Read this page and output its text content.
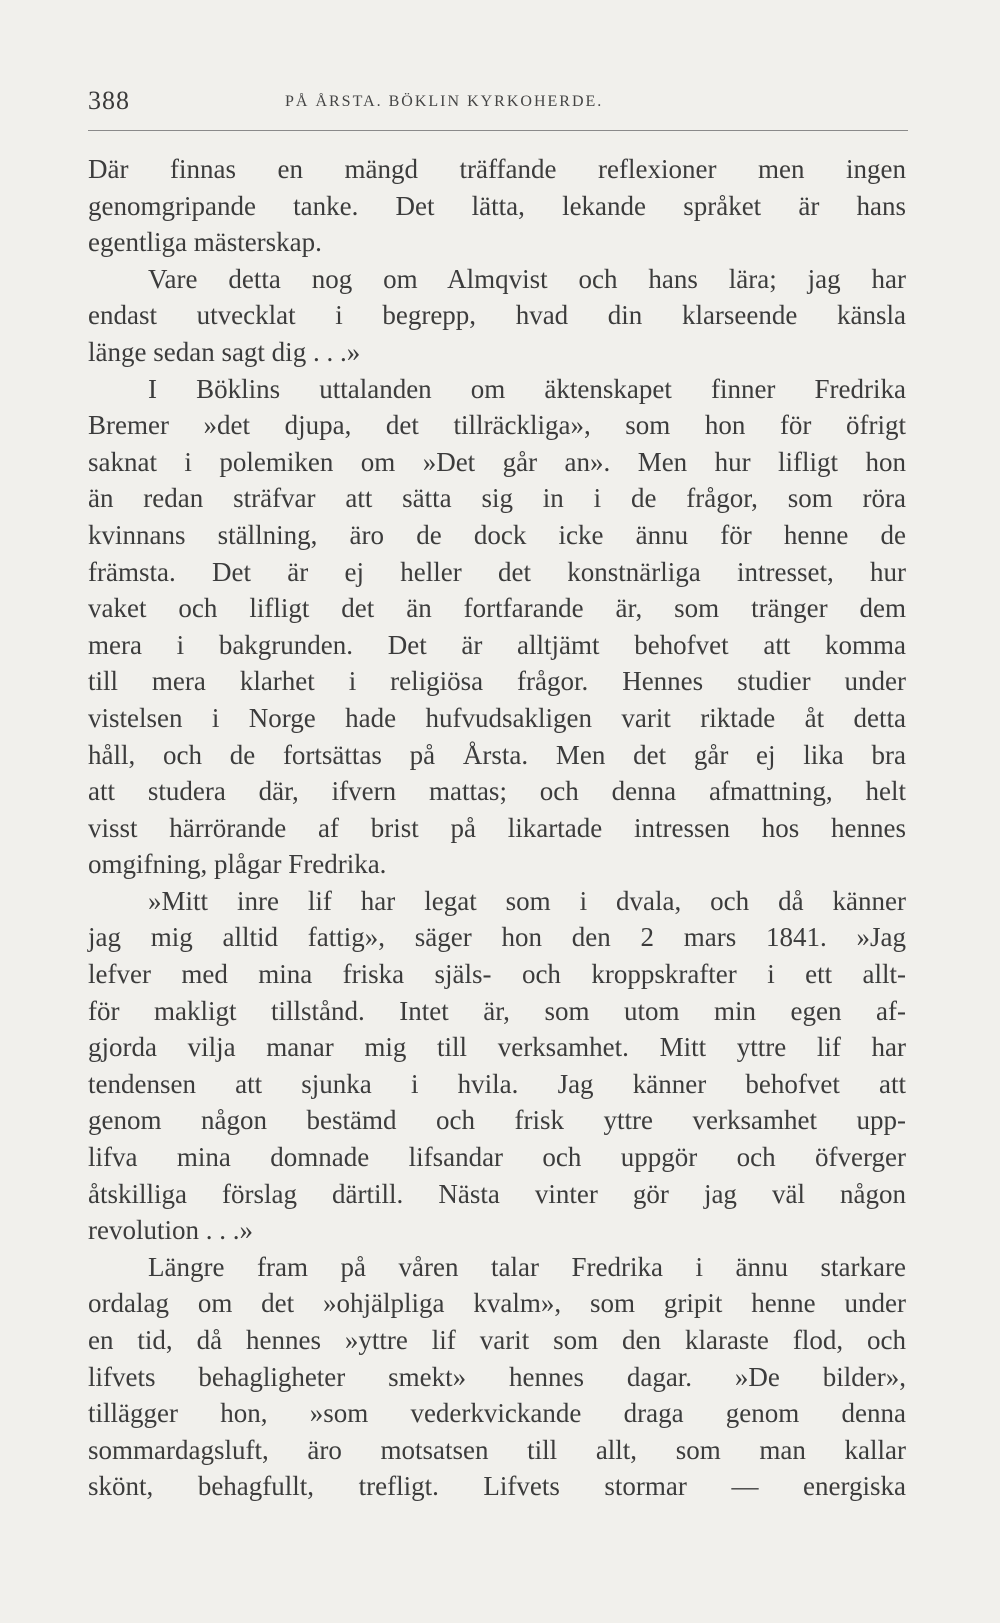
388	PÅ ÅRSTA. BÖKLIN KYRKOHERDE.
Där finnas en mängd träffande reflexioner men ingen
genomgripande tanke. Det lätta, lekande språket är hans
egentliga mästerskap.
Vare detta nog om Almqvist och hans lära; jag har
endast utvecklat i begrepp, hvad din klarseende känsla
länge sedan sagt dig . . .»
I Böklins uttalanden om äktenskapet finner Fredrika
Bremer »det djupa, det tillräckliga», som hon för öfrigt
saknat i polemiken om »Det går an». Men hur lifligt hon
än redan sträfvar att sätta sig in i de frågor, som röra
kvinnans ställning, äro de dock icke ännu för henne de
främsta. Det är ej heller det konstnärliga intresset, hur
vaket och lifligt det än fortfarande är, som tränger dem
mera i bakgrunden. Det är alltjämt behofvet att komma
till mera klarhet i religiösa frågor. Hennes studier under
vistelsen i Norge hade hufvudsakligen varit riktade åt detta
håll, och de fortsättas på Årsta. Men det går ej lika bra
att studera där, ifvern mattas; och denna afmattning, helt
visst härrörande af brist på likartade intressen hos hennes
omgifning, plågar Fredrika.
»Mitt inre lif har legat som i dvala, och då känner
jag mig alltid fattig», säger hon den 2 mars 1841. »Jag
lefver med mina friska själs- och kroppskrafter i ett allt-
för makligt tillstånd. Intet är, som utom min egen af-
gjorda vilja manar mig till verksamhet. Mitt yttre lif har
tendensen att sjunka i hvila. Jag känner behofvet att
genom någon bestämd och frisk yttre verksamhet upp-
lifva mina domnade lifsandar och uppgör och öfverger
åtskilliga förslag därtill. Nästa vinter gör jag väl någon
revolution . . .»
Längre fram på våren talar Fredrika i ännu starkare
ordalag om det »ohjälpliga kvalm», som gripit henne under
en tid, då hennes »yttre lif varit som den klaraste flod, och
lifvets behagligheter smekt» hennes dagar. »De bilder»,
tillägger hon, »som vederkvickande draga genom denna
sommardagsluft, äro motsatsen till allt, som man kallar
skönt, behagfullt, trefligt. Lifvets stormar — energiska
